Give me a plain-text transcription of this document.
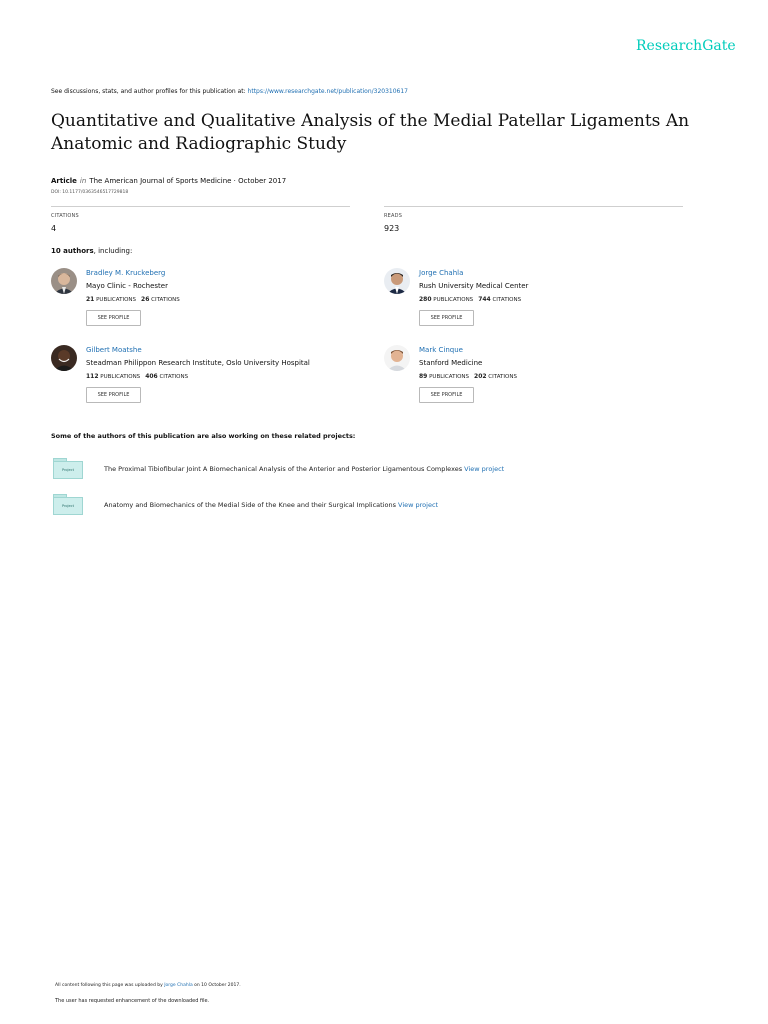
ResearchGate
See discussions, stats, and author profiles for this publication at: https://www.researchgate.net/publication/320310617
Quantitative and Qualitative Analysis of the Medial Patellar Ligaments An Anatomic and Radiographic Study
Article in The American Journal of Sports Medicine · October 2017
DOI: 10.1177/0363546517729818
CITATIONS
4
READS
923
10 authors, including:
Bradley M. Kruckeberg
Mayo Clinic - Rochester
21 PUBLICATIONS 26 CITATIONS
SEE PROFILE
Jorge Chahla
Rush University Medical Center
280 PUBLICATIONS 744 CITATIONS
SEE PROFILE
Gilbert Moatshe
Steadman Philippon Research Institute, Oslo University Hospital
112 PUBLICATIONS 406 CITATIONS
SEE PROFILE
Mark Cinque
Stanford Medicine
89 PUBLICATIONS 202 CITATIONS
SEE PROFILE
Some of the authors of this publication are also working on these related projects:
Project	The Proximal Tibiofibular Joint A Biomechanical Analysis of the Anterior and Posterior Ligamentous Complexes View project
Project	Anatomy and Biomechanics of the Medial Side of the Knee and their Surgical Implications View project
All content following this page was uploaded by Jorge Chahla on 10 October 2017.
The user has requested enhancement of the downloaded file.
